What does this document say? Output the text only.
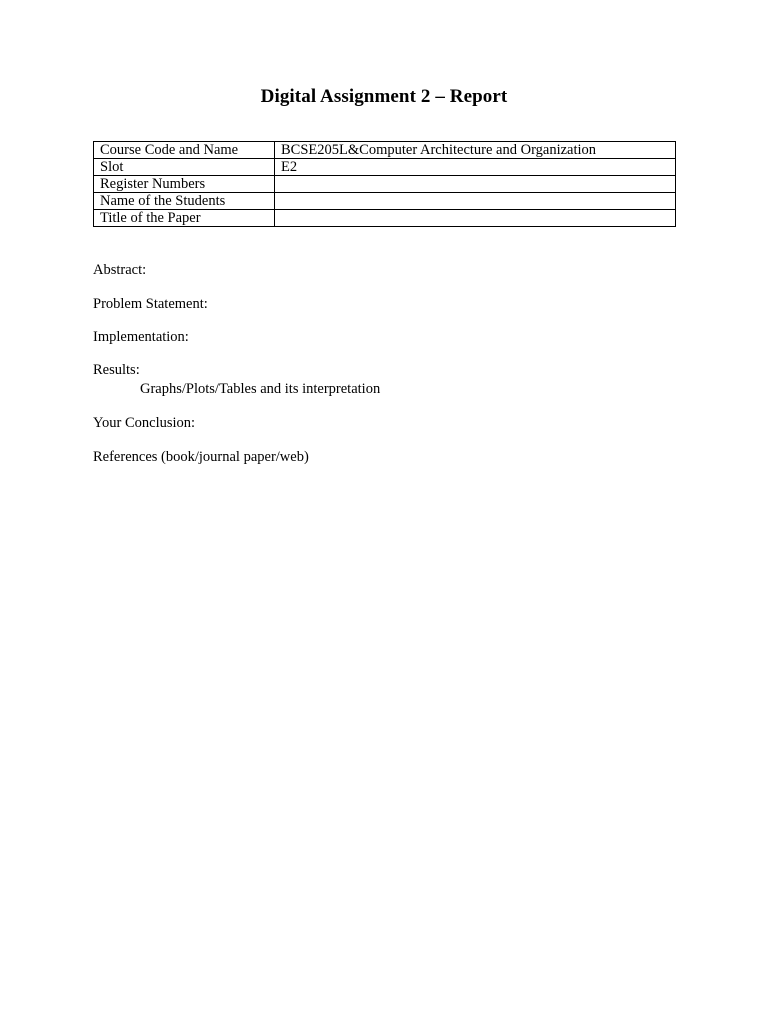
Digital Assignment 2 – Report
Course Code and Name	BCSE205L&Computer Architecture and Organization
Slot	E2
Register Numbers	
Name of the Students	
Title of the Paper	
Abstract:
Problem Statement:
Implementation:
Results:
Graphs/Plots/Tables and its interpretation
Your Conclusion:
References (book/journal paper/web)
